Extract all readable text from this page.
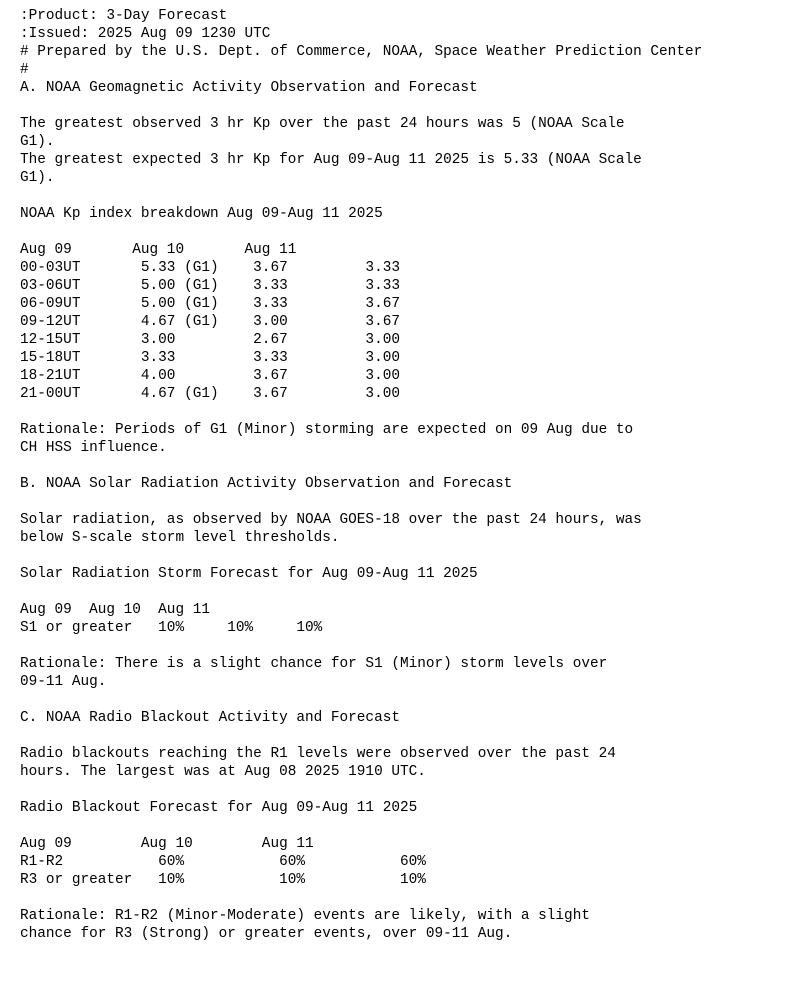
:Product: 3-Day Forecast
:Issued: 2025 Aug 09 1230 UTC
# Prepared by the U.S. Dept. of Commerce, NOAA, Space Weather Prediction Center
#
A. NOAA Geomagnetic Activity Observation and Forecast
The greatest observed 3 hr Kp over the past 24 hours was 5 (NOAA Scale
G1).
The greatest expected 3 hr Kp for Aug 09-Aug 11 2025 is 5.33 (NOAA Scale
G1).
NOAA Kp index breakdown Aug 09-Aug 11 2025
Aug 09       Aug 10       Aug 11
00-03UT       5.33 (G1)    3.67         3.33
03-06UT       5.00 (G1)    3.33         3.33
06-09UT       5.00 (G1)    3.33         3.67
09-12UT       4.67 (G1)    3.00         3.67
12-15UT       3.00         2.67         3.00
15-18UT       3.33         3.33         3.00
18-21UT       4.00         3.67         3.00
21-00UT       4.67 (G1)    3.67         3.00
Rationale: Periods of G1 (Minor) storming are expected on 09 Aug due to
CH HSS influence.
B. NOAA Solar Radiation Activity Observation and Forecast
Solar radiation, as observed by NOAA GOES-18 over the past 24 hours, was
below S-scale storm level thresholds.
Solar Radiation Storm Forecast for Aug 09-Aug 11 2025
Aug 09  Aug 10  Aug 11
S1 or greater   10%     10%     10%
Rationale: There is a slight chance for S1 (Minor) storm levels over
09-11 Aug.
C. NOAA Radio Blackout Activity and Forecast
Radio blackouts reaching the R1 levels were observed over the past 24
hours. The largest was at Aug 08 2025 1910 UTC.
Radio Blackout Forecast for Aug 09-Aug 11 2025
Aug 09        Aug 10        Aug 11
R1-R2           60%           60%           60%
R3 or greater   10%           10%           10%
Rationale: R1-R2 (Minor-Moderate) events are likely, with a slight
chance for R3 (Strong) or greater events, over 09-11 Aug.
